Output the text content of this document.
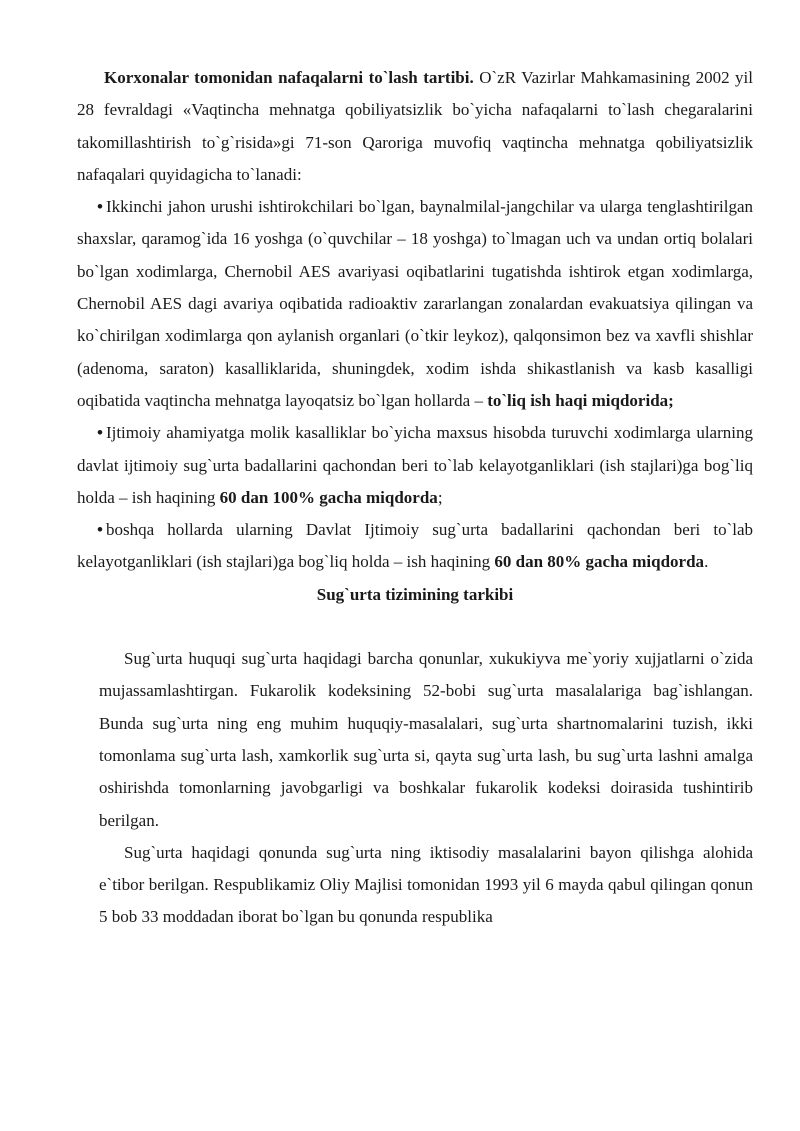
Korxonalar tomonidan nafaqalarni to`lash tartibi. O`zR Vazirlar Mahkamasining 2002 yil 28 fevraldagi «Vaqtincha mehnatga qobiliyatsizlik bo`yicha nafaqalarni to`lash chegaralarini takomillashtirish to`g`risida»gi 71-son Qaroriga muvofiq vaqtincha mehnatga qobiliyatsizlik nafaqalari quyidagicha to`lanadi:

• Ikkinchi jahon urushi ishtirokchilari bo`lgan, baynalmilal-jangchilar va ularga tenglashtirilgan shaxslar, qaramog`ida 16 yoshga (o`quvchilar – 18 yoshga) to`lmagan uch va undan ortiq bolalari bo`lgan xodimlarga, Chernobil AES avariyasi oqibatlarini tugatishda ishtirok etgan xodimlarga, Chernobil AES dagi avariya oqibatida radioaktiv zararlangan zonalardan evakuatsiya qilingan va ko`chirilgan xodimlarga qon aylanish organlari (o`tkir leykoz), qalqonsimon bez va xavfli shishlar (adenoma, saraton) kasalliklarida, shuningdek, xodim ishda shikastlanish va kasb kasalligi oqibatida vaqtincha mehnatga layoqatsiz bo`lgan hollarda – to`liq ish haqi miqdorida;

• Ijtimoiy ahamiyatga molik kasalliklar bo`yicha maxsus hisobda turuvchi xodimlarga ularning davlat ijtimoiy sug`urta badallarini qachondan beri to`lab kelayotganliklari (ish stajlari)ga bog`liq holda – ish haqining 60 dan 100% gacha miqdorda;

• boshqa hollarda ularning Davlat Ijtimoiy sug`urta badallarini qachondan beri to`lab kelayotganliklari (ish stajlari)ga bog`liq holda – ish haqining 60 dan 80% gacha miqdorda.

Sug`urta tizimining tarkibi

Sug`urta huquqi sug`urta haqidagi barcha qonunlar, xukukiyva me`yoriy xujjatlarni o`zida mujassamlashtirgan. Fukarolik kodeksining 52-bobi sug`urta masalalariga bag`ishlangan. Bunda sug`urta ning eng muhim huquqiy-masalalari, sug`urta shartnomalarini tuzish, ikki tomonlama sug`urta lash, xamkorlik sug`urta si, qayta sug`urta lash, bu sug`urta lashni amalga oshirishda tomonlarning javobgarligi va boshkalar fukarolik kodeksi doirasida tushintirib berilgan.

Sug`urta haqidagi qonunda sug`urta ning iktisodiy masalalarini bayon qilishga alohida e`tibor berilgan. Respublikamiz Oliy Majlisi tomonidan 1993 yil 6 mayda qabul qilingan qonun 5 bob 33 moddadan iborat bo`lgan bu qonunda respublika
